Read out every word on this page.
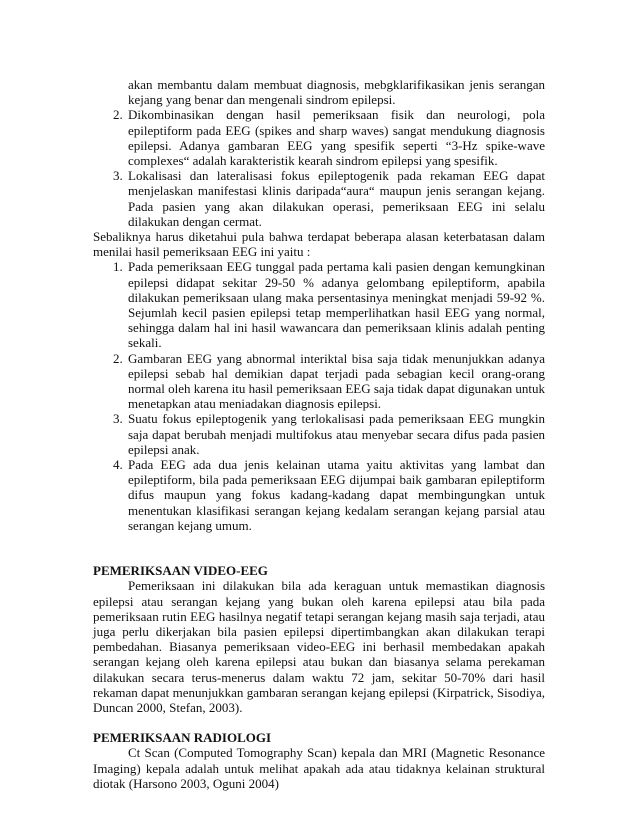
akan membantu dalam membuat diagnosis, mebgklarifikasikan jenis serangan kejang yang benar dan mengenali sindrom epilepsi.

2. Dikombinasikan dengan hasil pemeriksaan fisik dan neurologi, pola epileptiform pada EEG (spikes and sharp waves) sangat mendukung diagnosis epilepsi. Adanya gambaran EEG yang spesifik seperti “3-Hz spike-wave complexes“ adalah karakteristik kearah sindrom epilepsi yang spesifik.
3. Lokalisasi dan lateralisasi fokus epileptogenik pada rekaman EEG dapat menjelaskan manifestasi klinis daripada“aura“ maupun jenis serangan kejang. Pada pasien yang akan dilakukan operasi, pemeriksaan EEG ini selalu dilakukan dengan cermat.

Sebaliknya harus diketahui pula bahwa terdapat beberapa alasan keterbatasan dalam menilai hasil pemeriksaan EEG ini yaitu :

1. Pada pemeriksaan EEG tunggal pada pertama kali pasien dengan kemungkinan epilepsi didapat sekitar 29-50 % adanya gelombang epileptiform, apabila dilakukan pemeriksaan ulang maka persentasinya meningkat menjadi 59-92 %. Sejumlah kecil pasien epilepsi tetap memperlihatkan hasil EEG yang normal, sehingga dalam hal ini hasil wawancara dan pemeriksaan klinis adalah penting sekali.
2. Gambaran EEG yang abnormal interiktal bisa saja tidak menunjukkan adanya epilepsi sebab hal demikian dapat terjadi pada sebagian kecil orang-orang normal oleh karena itu hasil pemeriksaan EEG saja tidak dapat digunakan untuk menetapkan atau meniadakan diagnosis epilepsi.
3. Suatu fokus epileptogenik yang terlokalisasi pada pemeriksaan EEG mungkin saja dapat berubah menjadi multifokus atau menyebar secara difus pada pasien epilepsi anak.
4. Pada EEG ada dua jenis kelainan utama yaitu aktivitas yang lambat dan epileptiform, bila pada pemeriksaan EEG dijumpai baik gambaran epileptiform difus maupun yang fokus kadang-kadang dapat membingungkan untuk menentukan klasifikasi serangan kejang kedalam serangan kejang parsial atau serangan kejang umum.

PEMERIKSAAN VIDEO-EEG

Pemeriksaan ini dilakukan bila ada keraguan untuk memastikan diagnosis epilepsi atau serangan kejang yang bukan oleh karena epilepsi atau bila pada pemeriksaan rutin EEG hasilnya negatif tetapi serangan kejang masih saja terjadi, atau juga perlu dikerjakan bila pasien epilepsi dipertimbangkan akan dilakukan terapi pembedahan. Biasanya pemeriksaan video-EEG ini berhasil membedakan apakah serangan kejang oleh karena epilepsi atau bukan dan biasanya selama perekaman dilakukan secara terus-menerus dalam waktu 72 jam, sekitar 50-70% dari hasil rekaman dapat menunjukkan gambaran serangan kejang epilepsi (Kirpatrick, Sisodiya, Duncan 2000, Stefan, 2003).

PEMERIKSAAN RADIOLOGI

Ct Scan (Computed Tomography Scan) kepala dan MRI (Magnetic Resonance Imaging) kepala adalah untuk melihat apakah ada atau tidaknya kelainan struktural diotak (Harsono 2003, Oguni 2004)
